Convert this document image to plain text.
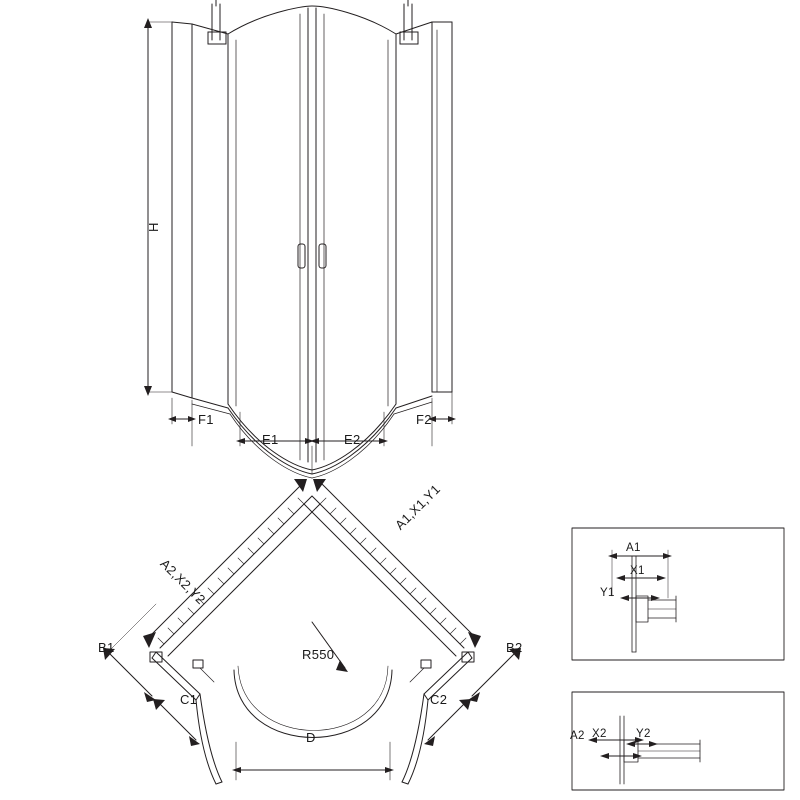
H
F1
E1	E2
F2
A2,X2,Y2
A1,X1,Y1
B1	B2
C1	C2
R550
D
A1
X1
Y1
A2 X2	Y2
